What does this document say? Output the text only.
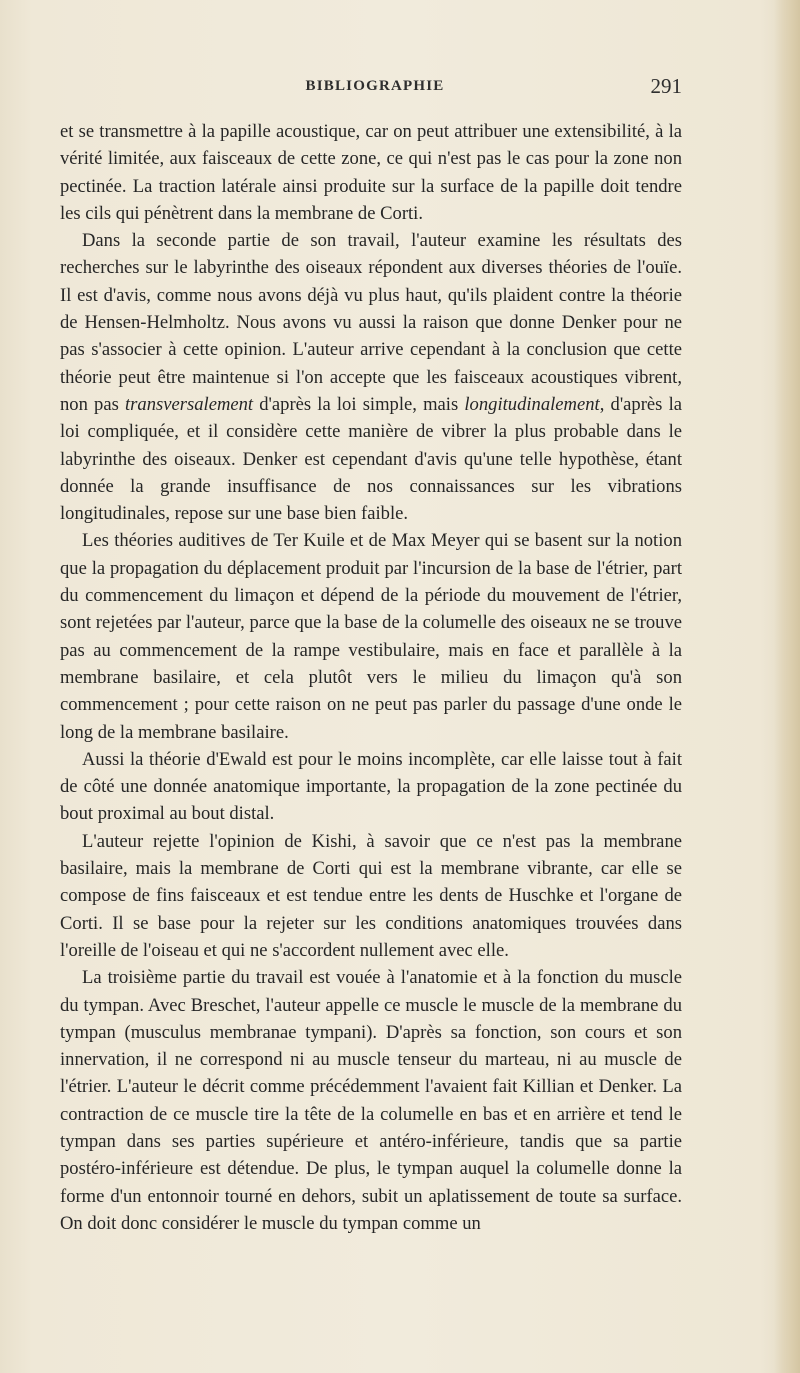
BIBLIOGRAPHIE	291

et se transmettre à la papille acoustique, car on peut attribuer une extensibilité, à la vérité limitée, aux faisceaux de cette zone, ce qui n'est pas le cas pour la zone non pectinée. La traction latérale ainsi produite sur la surface de la papille doit tendre les cils qui pénètrent dans la membrane de Corti.

Dans la seconde partie de son travail, l'auteur examine les résultats des recherches sur le labyrinthe des oiseaux répondent aux diverses théories de l'ouïe. Il est d'avis, comme nous avons déjà vu plus haut, qu'ils plaident contre la théorie de Hensen-Helmholtz. Nous avons vu aussi la raison que donne Denker pour ne pas s'associer à cette opinion. L'auteur arrive cependant à la conclusion que cette théorie peut être maintenue si l'on accepte que les faisceaux acoustiques vibrent, non pas transversalement d'après la loi simple, mais longitudinalement, d'après la loi compliquée, et il considère cette manière de vibrer la plus probable dans le labyrinthe des oiseaux. Denker est cependant d'avis qu'une telle hypothèse, étant donnée la grande insuffisance de nos connaissances sur les vibrations longitudinales, repose sur une base bien faible.

Les théories auditives de Ter Kuile et de Max Meyer qui se basent sur la notion que la propagation du déplacement produit par l'incursion de la base de l'étrier, part du commencement du limaçon et dépend de la période du mouvement de l'étrier, sont rejetées par l'auteur, parce que la base de la columelle des oiseaux ne se trouve pas au commencement de la rampe vestibulaire, mais en face et parallèle à la membrane basilaire, et cela plutôt vers le milieu du limaçon qu'à son commencement ; pour cette raison on ne peut pas parler du passage d'une onde le long de la membrane basilaire.

Aussi la théorie d'Ewald est pour le moins incomplète, car elle laisse tout à fait de côté une donnée anatomique importante, la propagation de la zone pectinée du bout proximal au bout distal.

L'auteur rejette l'opinion de Kishi, à savoir que ce n'est pas la membrane basilaire, mais la membrane de Corti qui est la membrane vibrante, car elle se compose de fins faisceaux et est tendue entre les dents de Huschke et l'organe de Corti. Il se base pour la rejeter sur les conditions anatomiques trouvées dans l'oreille de l'oiseau et qui ne s'accordent nullement avec elle.

La troisième partie du travail est vouée à l'anatomie et à la fonction du muscle du tympan. Avec Breschet, l'auteur appelle ce muscle le muscle de la membrane du tympan (musculus membranae tympani). D'après sa fonction, son cours et son innervation, il ne correspond ni au muscle tenseur du marteau, ni au muscle de l'étrier. L'auteur le décrit comme précédemment l'avaient fait Killian et Denker. La contraction de ce muscle tire la tête de la columelle en bas et en arrière et tend le tympan dans ses parties supérieure et antéro-inférieure, tandis que sa partie postéro-inférieure est détendue. De plus, le tympan auquel la columelle donne la forme d'un entonnoir tourné en dehors, subit un aplatissement de toute sa surface. On doit donc considérer le muscle du tympan comme un
